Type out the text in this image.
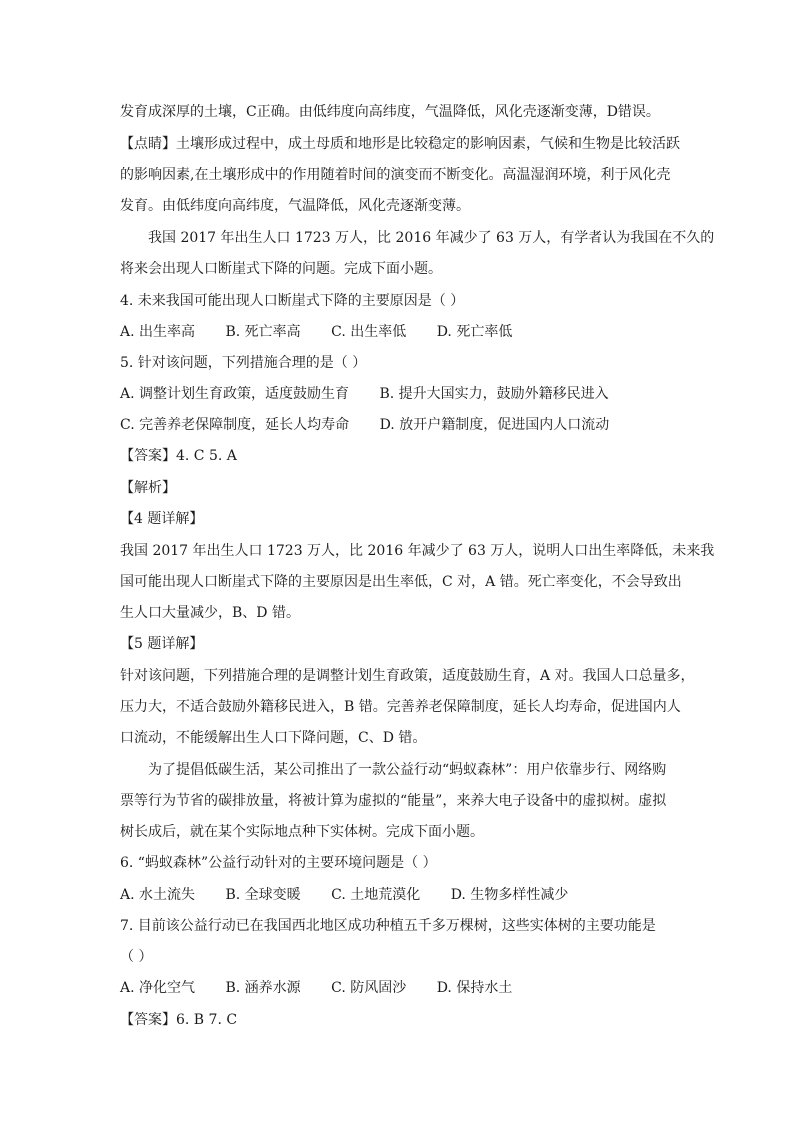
发育成深厚的土壤，C正确。由低纬度向高纬度，气温降低，风化壳逐渐变薄，D错误。
【点睛】土壤形成过程中，成土母质和地形是比较稳定的影响因素，气候和生物是比较活跃
的影响因素,在土壤形成中的作用随着时间的演变而不断变化。高温湿润环境，利于风化壳
发育。由低纬度向高纬度，气温降低，风化壳逐渐变薄。
我国 2017 年出生人口 1723 万人，比 2016 年减少了 63 万人，有学者认为我国在不久的
将来会出现人口断崖式下降的问题。完成下面小题。
4. 未来我国可能出现人口断崖式下降的主要原因是（ ）
A. 出生率高 B. 死亡率高 C. 出生率低 D. 死亡率低
5. 针对该问题，下列措施合理的是（ ）
A. 调整计划生育政策，适度鼓励生育 B. 提升大国实力，鼓励外籍移民进入
C. 完善养老保障制度，延长人均寿命 D. 放开户籍制度，促进国内人口流动
【答案】4. C 5. A
【解析】
【4 题详解】
我国 2017 年出生人口 1723 万人，比 2016 年减少了 63 万人，说明人口出生率降低，未来我
国可能出现人口断崖式下降的主要原因是出生率低，C 对，A 错。死亡率变化，不会导致出
生人口大量减少，B、D 错。
【5 题详解】
针对该问题，下列措施合理的是调整计划生育政策，适度鼓励生育，A 对。我国人口总量多，
压力大，不适合鼓励外籍移民进入，B 错。完善养老保障制度，延长人均寿命，促进国内人
口流动，不能缓解出生人口下降问题，C、D 错。
为了提倡低碳生活，某公司推出了一款公益行动“蚂蚁森林”：用户依靠步行、网络购
票等行为节省的碳排放量，将被计算为虚拟的“能量”，来养大电子设备中的虚拟树。虚拟
树长成后，就在某个实际地点种下实体树。完成下面小题。
6. “蚂蚁森林”公益行动针对的主要环境问题是（ ）
A. 水土流失 B. 全球变暖 C. 土地荒漠化 D. 生物多样性减少
7. 目前该公益行动已在我国西北地区成功种植五千多万棵树，这些实体树的主要功能是
（ ）
A. 净化空气 B. 涵养水源 C. 防风固沙 D. 保持水土
【答案】6. B 7. C
